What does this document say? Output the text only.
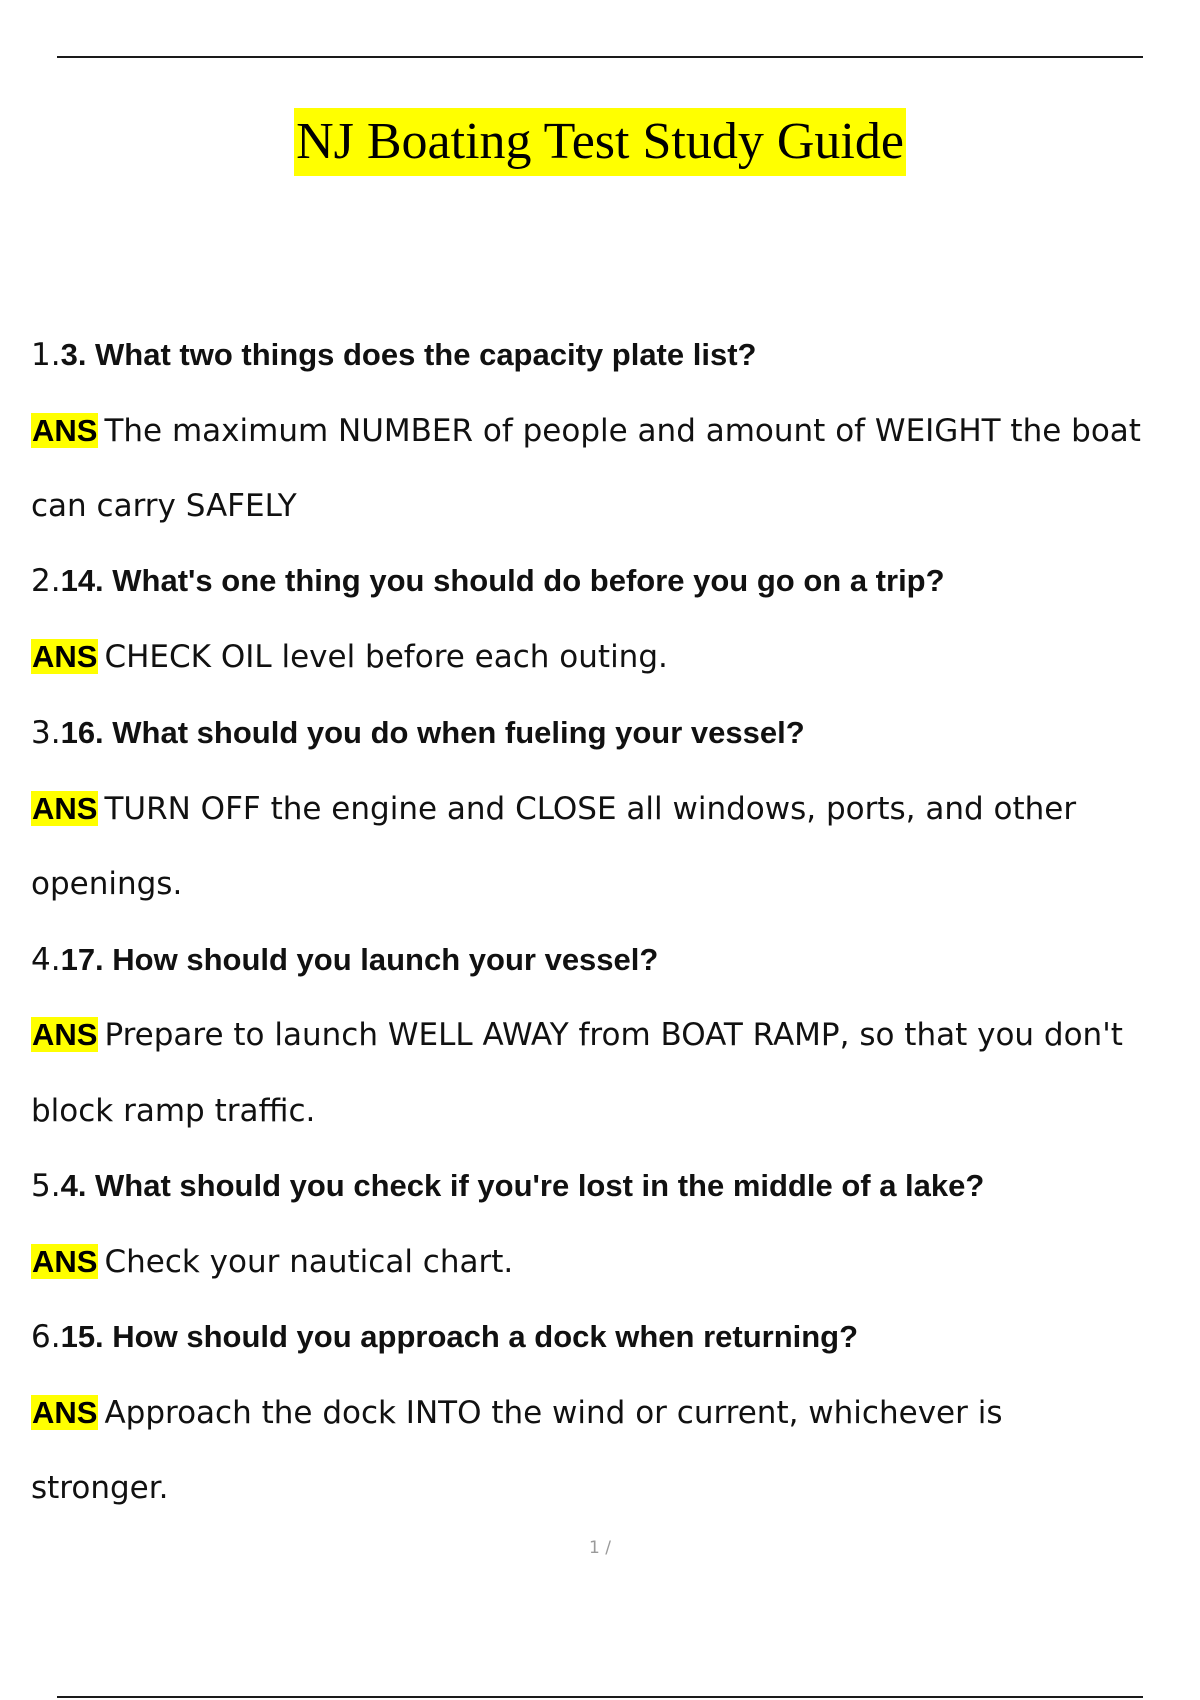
NJ Boating Test Study Guide
1.3. What two things does the capacity plate list?
ANS The maximum NUMBER of people and amount of WEIGHT the boat
can carry SAFELY
2.14. What's one thing you should do before you go on a trip?
ANS CHECK OIL level before each outing.
3.16. What should you do when fueling your vessel?
ANS TURN OFF the engine and CLOSE all windows, ports, and other
openings.
4.17. How should you launch your vessel?
ANS Prepare to launch WELL AWAY from BOAT RAMP, so that you don't
block ramp traffic.
5.4. What should you check if you're lost in the middle of a lake?
ANS Check your nautical chart.
6.15. How should you approach a dock when returning?
ANS Approach the dock INTO the wind or current, whichever is
stronger.
1 /
